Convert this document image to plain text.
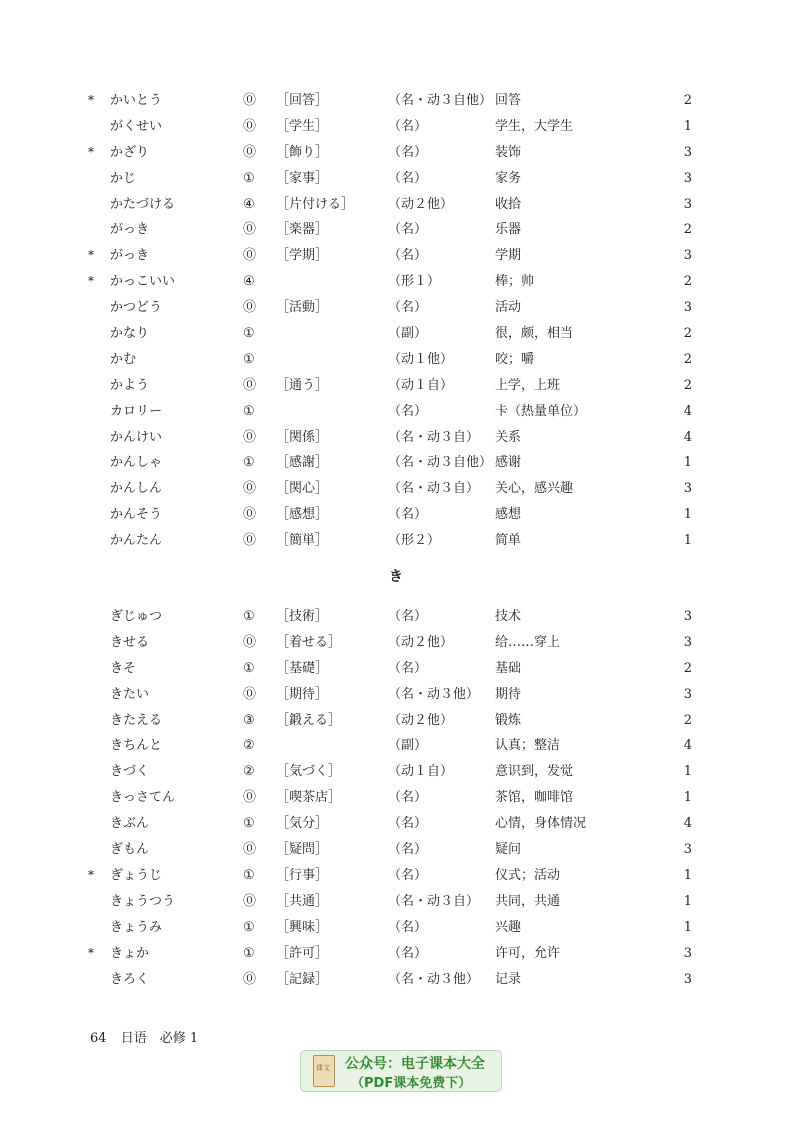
* かいとう	⓪ ［回答］	（名・动３自他） 回答	2
がくせい	⓪ ［学生］	（名）	学生，大学生	1
* かざり	⓪ ［飾り］	（名）	装饰	3
かじ	① ［家事］	（名）	家务	3
かたづける	④ ［片付ける］	（动２他）	收拾	3
がっき	⓪ ［楽器］	（名）	乐器	2
* がっき	⓪ ［学期］	（名）	学期	3
* かっこいい	④	（形１）	棒；帅	2
かつどう	⓪ ［活動］	（名）	活动	3
かなり	①	（副）	很，颇，相当	2
かむ	①	（动１他）	咬；嚼	2
かよう	⓪ ［通う］	（动１自）	上学，上班	2
カロリー	①	（名）	卡（热量单位）	4
かんけい	⓪ ［関係］	（名・动３自） 关系	4
かんしゃ	① ［感謝］	（名・动３自他） 感谢	1
かんしん	⓪ ［関心］	（名・动３自） 关心，感兴趣	3
かんそう	⓪ ［感想］	（名）	感想	1
かんたん	⓪ ［簡単］	（形２）	简单	1
き
ぎじゅつ	① ［技術］	（名）	技术	3
きせる	⓪ ［着せる］	（动２他）	给……穿上	3
きそ	① ［基礎］	（名）	基础	2
きたい	⓪ ［期待］	（名・动３他） 期待	3
きたえる	③ ［鍛える］	（动２他）	锻炼	2
きちんと	②	（副）	认真；整洁	4
きづく	② ［気づく］	（动１自）	意识到，发觉	1
きっさてん	⓪ ［喫茶店］	（名）	茶馆，咖啡馆	1
きぶん	① ［気分］	（名）	心情，身体情况	4
ぎもん	⓪ ［疑問］	（名）	疑问	3
* ぎょうじ	① ［行事］	（名）	仪式；活动	1
きょうつう	⓪ ［共通］	（名・动３自） 共同，共通	1
きょうみ	① ［興味］	（名）	兴趣	1
* きょか	① ［許可］	（名）	许可，允许	3
きろく	⓪ ［記録］	（名・动３他） 记录	3
64 日语　必修 1
课文 公众号：电子课本大全
（PDF课本免费下）
